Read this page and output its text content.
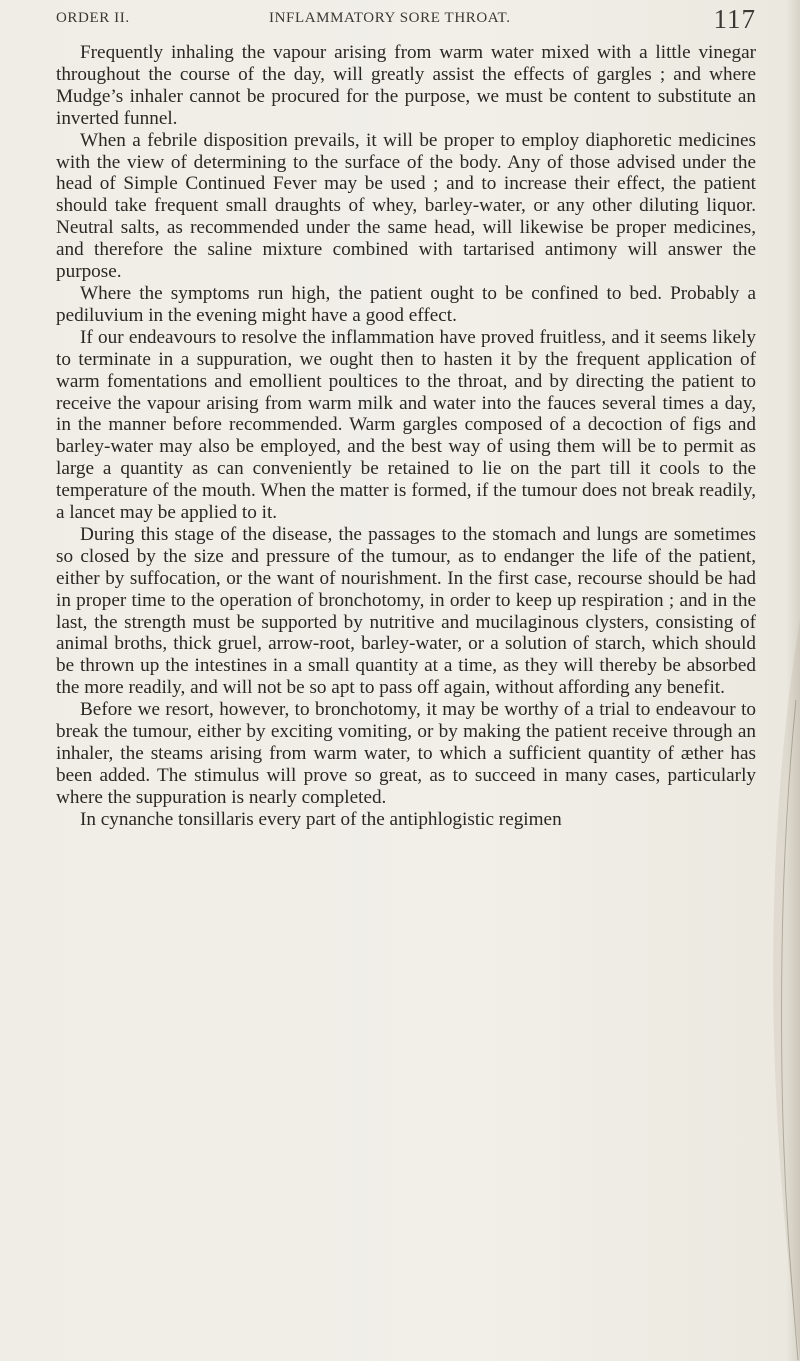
ORDER II.	INFLAMMATORY SORE THROAT.	117

Frequently inhaling the vapour arising from warm water mixed with a little vinegar throughout the course of the day, will greatly assist the effects of gargles ; and where Mudge’s inhaler cannot be procured for the purpose, we must be content to substitute an inverted funnel.

When a febrile disposition prevails, it will be proper to employ diaphoretic medicines with the view of determining to the surface of the body. Any of those advised under the head of Simple Continued Fever may be used ; and to increase their effect, the patient should take frequent small draughts of whey, barley-water, or any other diluting liquor. Neutral salts, as recommended under the same head, will likewise be proper medicines, and therefore the saline mixture combined with tartarised antimony will answer the purpose.

Where the symptoms run high, the patient ought to be confined to bed. Probably a pediluvium in the evening might have a good effect.

If our endeavours to resolve the inflammation have proved fruitless, and it seems likely to terminate in a suppuration, we ought then to hasten it by the frequent application of warm fomentations and emollient poultices to the throat, and by directing the patient to receive the vapour arising from warm milk and water into the fauces several times a day, in the manner before recommended. Warm gargles composed of a decoction of figs and barley-water may also be employed, and the best way of using them will be to permit as large a quantity as can conveniently be retained to lie on the part till it cools to the temperature of the mouth. When the matter is formed, if the tumour does not break readily, a lancet may be applied to it.

During this stage of the disease, the passages to the stomach and lungs are sometimes so closed by the size and pressure of the tumour, as to endanger the life of the patient, either by suffocation, or the want of nourishment. In the first case, recourse should be had in proper time to the operation of bronchotomy, in order to keep up respiration ; and in the last, the strength must be supported by nutritive and mucilaginous clysters, consisting of animal broths, thick gruel, arrow-root, barley-water, or a solution of starch, which should be thrown up the intestines in a small quantity at a time, as they will thereby be absorbed the more readily, and will not be so apt to pass off again, without affording any benefit.

Before we resort, however, to bronchotomy, it may be worthy of a trial to endeavour to break the tumour, either by exciting vomiting, or by making the patient receive through an inhaler, the steams arising from warm water, to which a sufficient quantity of æther has been added. The stimulus will prove so great, as to succeed in many cases, particularly where the suppuration is nearly completed.

In cynanche tonsillaris every part of the antiphlogistic regimen
